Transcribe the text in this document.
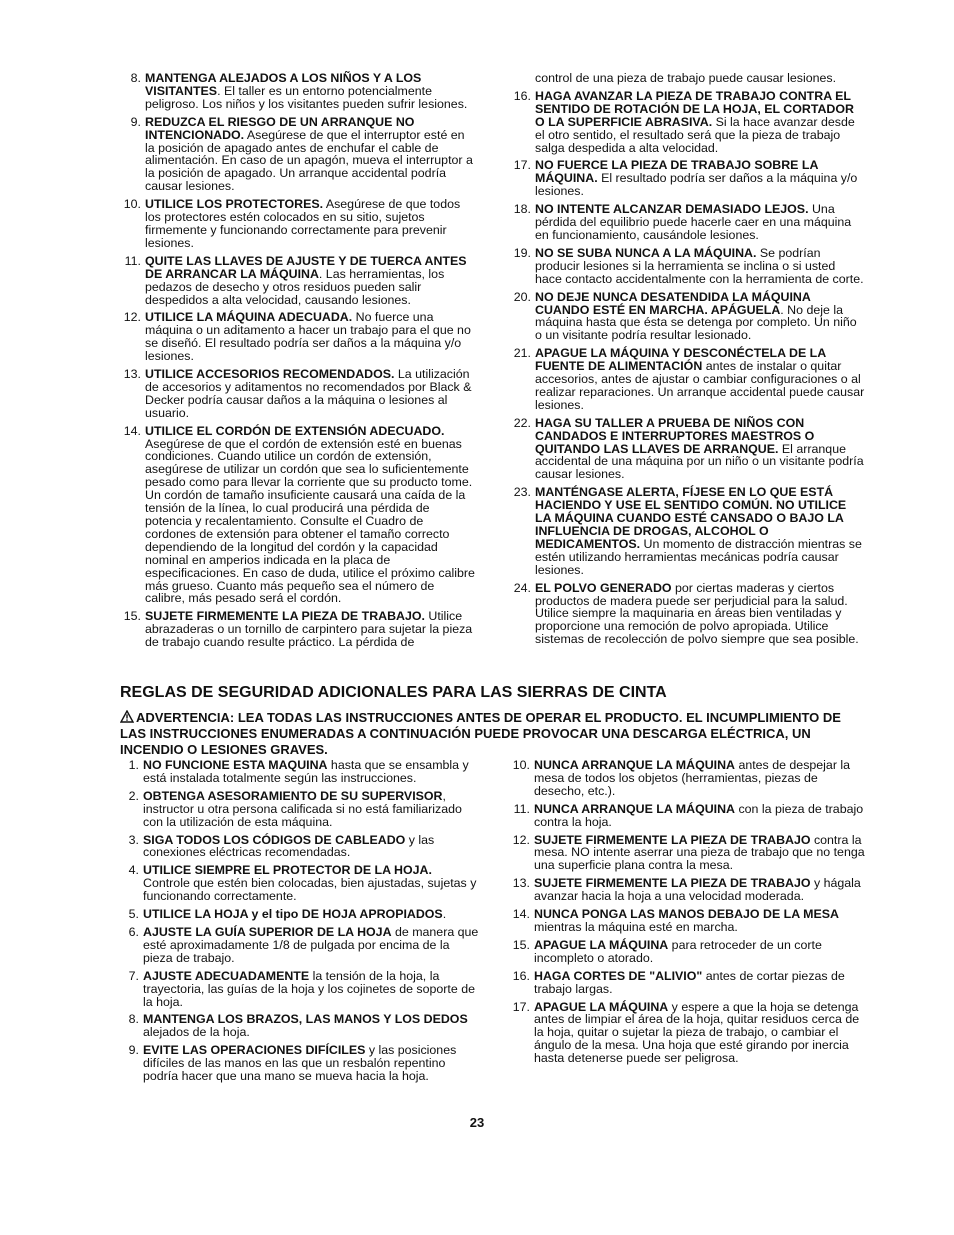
8 . MANTENGA ALEJADOS A LOS NIÑOS Y A LOS VISITANTES. El taller es un entorno potencialmente peligroso. Los niños y los visitantes pueden sufrir lesiones.
9 . REDUZCA EL RIESGO DE UN ARRANQUE NO INTENCIONADO. Asegúrese de que el interruptor esté en la posición de apagado antes de enchufar el cable de alimentación. En caso de un apagón, mueva el interruptor a la posición de apagado. Un arranque accidental podría causar lesiones.
10 . UTILICE LOS PROTECTORES. Asegúrese de que todos los protectores estén colocados en su sitio, sujetos firmemente y funcionando correctamente para prevenir lesiones.
11 . QUITE LAS LLAVES DE AJUSTE Y DE TUERCA ANTES DE ARRANCAR LA MÁQUINA. Las herramientas, los pedazos de desecho y otros residuos pueden salir despedidos a alta velocidad, causando lesiones.
12 . UTILICE LA MÁQUINA ADECUADA. No fuerce una máquina o un aditamento a hacer un trabajo para el que no se diseñó. El resultado podría ser daños a la máquina y/o lesiones.
13 . UTILICE ACCESORIOS RECOMENDADOS. La utilización de accesorios y aditamentos no recomendados por Black & Decker podría causar daños a la máquina o lesiones al usuario.
14 . UTILICE EL CORDÓN DE EXTENSIÓN ADECUADO. Asegúrese de que el cordón de extensión esté en buenas condiciones. Cuando utilice un cordón de extensión, asegúrese de utilizar un cordón que sea lo suficientemente pesado como para llevar la corriente que su producto tome. Un cordón de tamaño insuficiente causará una caída de la tensión de la línea, lo cual producirá una pérdida de potencia y recalentamiento. Consulte el Cuadro de cordones de extensión para obtener el tamaño correcto dependiendo de la longitud del cordón y la capacidad nominal en amperios indicada en la placa de especificaciones. En caso de duda, utilice el próximo calibre más grueso. Cuanto más pequeño sea el número de calibre, más pesado será el cordón.
15 . SUJETE FIRMEMENTE LA PIEZA DE TRABAJO. Utilice abrazaderas o un tornillo de carpintero para sujetar la pieza de trabajo cuando resulte práctico. La pérdida de
control de una pieza de trabajo puede causar lesiones.
16 . HAGA AVANZAR LA PIEZA DE TRABAJO CONTRA EL SENTIDO DE ROTACIÓN DE LA HOJA, EL CORTADOR O LA SUPERFICIE ABRASIVA. Si la hace avanzar desde el otro sentido, el resultado será que la pieza de trabajo salga despedida a alta velocidad.
17 . NO FUERCE LA PIEZA DE TRABAJO SOBRE LA MÁQUINA. El resultado podría ser daños a la máquina y/o lesiones.
18 . NO INTENTE ALCANZAR DEMASIADO LEJOS. Una pérdida del equilibrio puede hacerle caer en una máquina en funcionamiento, causándole lesiones.
19 . NO SE SUBA NUNCA A LA MÁQUINA. Se podrían producir lesiones si la herramienta se inclina o si usted hace contacto accidentalmente con la herramienta de corte.
20 . NO DEJE NUNCA DESATENDIDA LA MÁQUINA CUANDO ESTÉ EN MARCHA. APÁGUELA. No deje la máquina hasta que ésta se detenga por completo. Un niño o un visitante podría resultar lesionado.
21 . APAGUE LA MÁQUINA Y DESCONÉCTELA DE LA FUENTE DE ALIMENTACIÓN antes de instalar o quitar accesorios, antes de ajustar o cambiar configuraciones o al realizar reparaciones. Un arranque accidental puede causar lesiones.
22 . HAGA SU TALLER A PRUEBA DE NIÑOS CON CANDADOS E INTERRUPTORES MAESTROS O QUITANDO LAS LLAVES DE ARRANQUE. El arranque accidental de una máquina por un niño o un visitante podría causar lesiones.
23 . MANTÉNGASE ALERTA, FÍJESE EN LO QUE ESTÁ HACIENDO Y USE EL SENTIDO COMÚN. NO UTILICE LA MÁQUINA CUANDO ESTÉ CANSADO O BAJO LA INFLUENCIA DE DROGAS, ALCOHOL O MEDICAMENTOS. Un momento de distracción mientras se estén utilizando herramientas mecánicas podría causar lesiones.
24 . EL POLVO GENERADO por ciertas maderas y ciertos productos de madera puede ser perjudicial para la salud. Utilice siempre la maquinaria en áreas bien ventiladas y proporcione una remoción de polvo apropiada. Utilice sistemas de recolección de polvo siempre que sea posible.
REGLAS DE SEGURIDAD ADICIONALES PARA LAS SIERRAS DE CINTA

ADVERTENCIA: LEA TODAS LAS INSTRUCCIONES ANTES DE OPERAR EL PRODUCTO. EL INCUMPLIMIENTO DE LAS INSTRUCCIONES ENUMERADAS A CONTINUACIÓN PUEDE PROVOCAR UNA DESCARGA ELÉCTRICA, UN INCENDIO O LESIONES GRAVES.

1 . NO FUNCIONE ESTA MAQUINA hasta que se ensambla y está instalada totalmente según las instrucciones.
2 . OBTENGA ASESORAMIENTO DE SU SUPERVISOR, instructor u otra persona calificada si no está familiarizado con la utilización de esta máquina.
3 . SIGA TODOS LOS CÓDIGOS DE CABLEADO y las conexiones eléctricas recomendadas.
4 . UTILICE SIEMPRE EL PROTECTOR DE LA HOJA. Controle que estén bien colocadas, bien ajustadas, sujetas y funcionando correctamente.
5 . UTILICE LA HOJA y el tipo DE HOJA APROPIADOS.
6 . AJUSTE LA GUÍA SUPERIOR DE LA HOJA de manera que esté aproximadamente 1/8 de pulgada por encima de la pieza de trabajo.
7 . AJUSTE ADECUADAMENTE la tensión de la hoja, la trayectoria, las guías de la hoja y los cojinetes de soporte de la hoja.
8 . MANTENGA LOS BRAZOS, LAS MANOS Y LOS DEDOS alejados de la hoja.
9 . EVITE LAS OPERACIONES DIFÍCILES y las posiciones difíciles de las manos en las que un resbalón repentino podría hacer que una mano se mueva hacia la hoja.
10 . NUNCA ARRANQUE LA MÁQUINA antes de despejar la mesa de todos los objetos (herramientas, piezas de desecho, etc.).
11 . NUNCA ARRANQUE LA MÁQUINA con la pieza de trabajo contra la hoja.
12 . SUJETE FIRMEMENTE LA PIEZA DE TRABAJO contra la mesa. NO intente aserrar una pieza de trabajo que no tenga una superficie plana contra la mesa.
13 . SUJETE FIRMEMENTE LA PIEZA DE TRABAJO y hágala avanzar hacia la hoja a una velocidad moderada.
14 . NUNCA PONGA LAS MANOS DEBAJO DE LA MESA mientras la máquina esté en marcha.
15 . APAGUE LA MÁQUINA para retroceder de un corte incompleto o atorado.
16 . HAGA CORTES DE "ALIVIO" antes de cortar piezas de trabajo largas.
17 . APAGUE LA MÁQUINA y espere a que la hoja se detenga antes de limpiar el área de la hoja, quitar residuos cerca de la hoja, quitar o sujetar la pieza de trabajo, o cambiar el ángulo de la mesa. Una hoja que esté girando por inercia hasta detenerse puede ser peligrosa.
23
